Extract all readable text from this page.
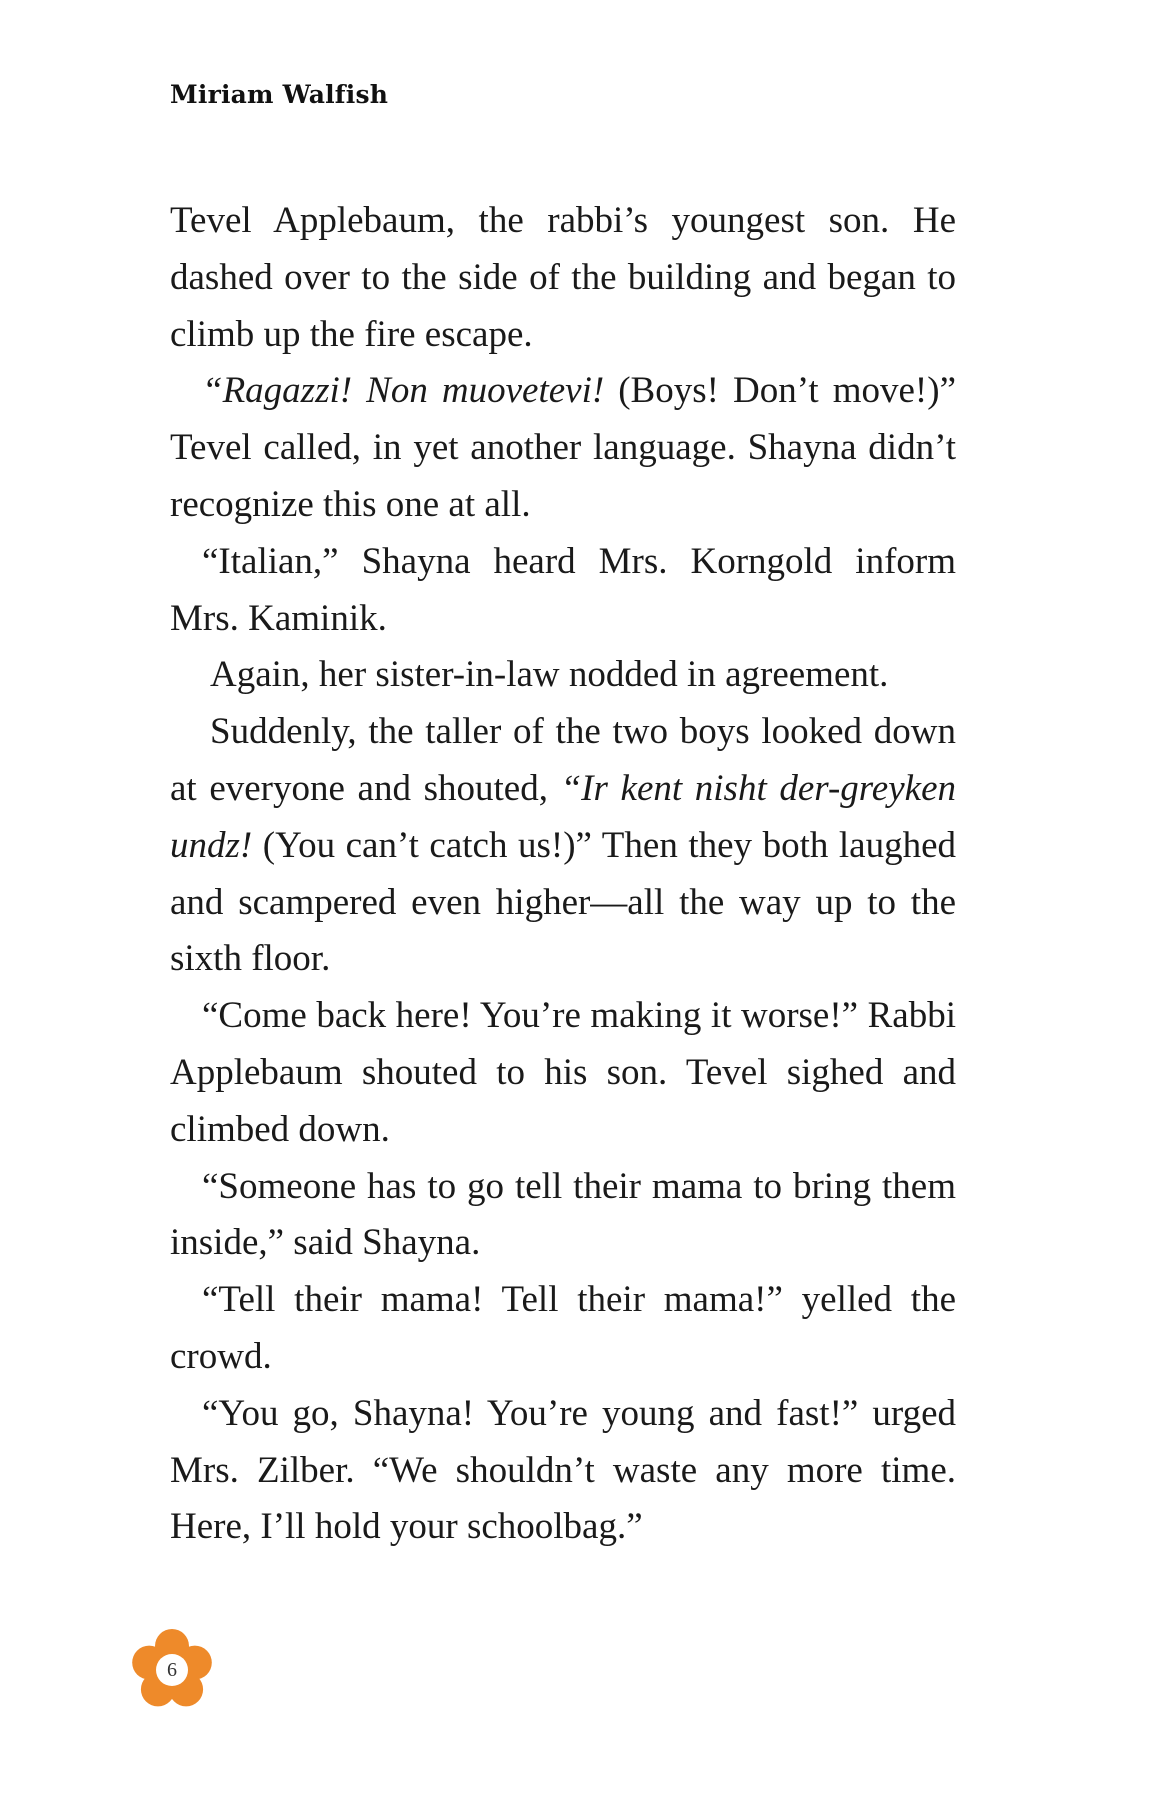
Miriam Walfish

Tevel Applebaum, the rabbi’s youngest son. He dashed over to the side of the building and began to climb up the fire escape.

“Ragazzi! Non muovetevi! (Boys! Don’t move!)” Tevel called, in yet another language. Shayna didn’t recognize this one at all.

“Italian,” Shayna heard Mrs. Korngold inform Mrs. Kaminik.

Again, her sister-in-law nodded in agreement.

Suddenly, the taller of the two boys looked down at everyone and shouted, “Ir kent nisht der-greyken undz! (You can’t catch us!)” Then they both laughed and scampered even higher—all the way up to the sixth floor.

“Come back here! You’re making it worse!” Rabbi Applebaum shouted to his son. Tevel sighed and climbed down.

“Someone has to go tell their mama to bring them inside,” said Shayna.

“Tell their mama! Tell their mama!” yelled the crowd.

“You go, Shayna! You’re young and fast!” urged Mrs. Zilber. “We shouldn’t waste any more time. Here, I’ll hold your schoolbag.”

6
